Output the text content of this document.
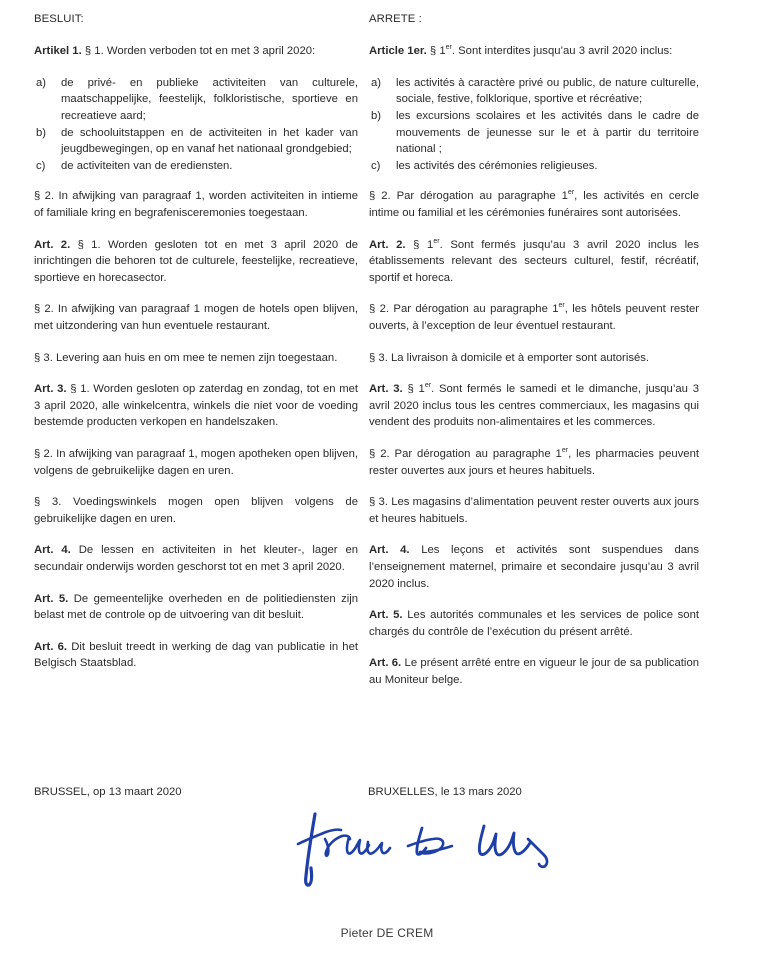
BESLUIT:

Artikel 1. § 1. Worden verboden tot en met 3 april 2020:

a) de privé- en publieke activiteiten van culturele, maatschappelijke, feestelijk, folkloristische, sportieve en recreatieve aard;
b) de schooluitstappen en de activiteiten in het kader van jeugdbewegingen, op en vanaf het nationaal grondgebied;
c) de activiteiten van de erediensten.

§ 2. In afwijking van paragraaf 1, worden activiteiten in intieme of familiale kring en begrafenisceremonies toegestaan.

Art. 2. § 1. Worden gesloten tot en met 3 april 2020 de inrichtingen die behoren tot de culturele, feestelijke, recreatieve, sportieve en horecasector.

§ 2. In afwijking van paragraaf 1 mogen de hotels open blijven, met uitzondering van hun eventuele restaurant.

§ 3. Levering aan huis en om mee te nemen zijn toegestaan.

Art. 3. § 1. Worden gesloten op zaterdag en zondag, tot en met 3 april 2020, alle winkelcentra, winkels die niet voor de voeding bestemde producten verkopen en handelszaken.

§ 2. In afwijking van paragraaf 1, mogen apotheken open blijven, volgens de gebruikelijke dagen en uren.

§ 3. Voedingswinkels mogen open blijven volgens de gebruikelijke dagen en uren.

Art. 4. De lessen en activiteiten in het kleuter-, lager en secundair onderwijs worden geschorst tot en met 3 april 2020.

Art. 5. De gemeentelijke overheden en de politiediensten zijn belast met de controle op de uitvoering van dit besluit.

Art. 6. Dit besluit treedt in werking de dag van publicatie in het Belgisch Staatsblad.

ARRETE :

Article 1er. § 1er. Sont interdites jusqu’au 3 avril 2020 inclus:

a) les activités à caractère privé ou public, de nature culturelle, sociale, festive, folklorique, sportive et récréative;
b) les excursions scolaires et les activités dans le cadre de mouvements de jeunesse sur le et à partir du territoire national ;
c) les activités des cérémonies religieuses.

§ 2. Par dérogation au paragraphe 1er, les activités en cercle intime ou familial et les cérémonies funéraires sont autorisées.

Art. 2. § 1er. Sont fermés jusqu’au 3 avril 2020 inclus les établissements relevant des secteurs culturel, festif, récréatif, sportif et horeca.

§ 2. Par dérogation au paragraphe 1er, les hôtels peuvent rester ouverts, à l’exception de leur éventuel restaurant.

§ 3. La livraison à domicile et à emporter sont autorisés.

Art. 3. § 1er. Sont fermés le samedi et le dimanche, jusqu’au 3 avril 2020 inclus tous les centres commerciaux, les magasins qui vendent des produits non-alimentaires et les commerces.

§ 2. Par dérogation au paragraphe 1er, les pharmacies peuvent rester ouvertes aux jours et heures habituels.

§ 3. Les magasins d’alimentation peuvent rester ouverts aux jours et heures habituels.

Art. 4. Les leçons et activités sont suspendues dans l’enseignement maternel, primaire et secondaire jusqu’au 3 avril 2020 inclus.

Art. 5. Les autorités communales et les services de police sont chargés du contrôle de l’exécution du présent arrêté.

Art. 6. Le présent arrêté entre en vigueur le jour de sa publication au Moniteur belge.

BRUSSEL, op 13 maart 2020	BRUXELLES, le 13 mars 2020
Pieter DE CREM
